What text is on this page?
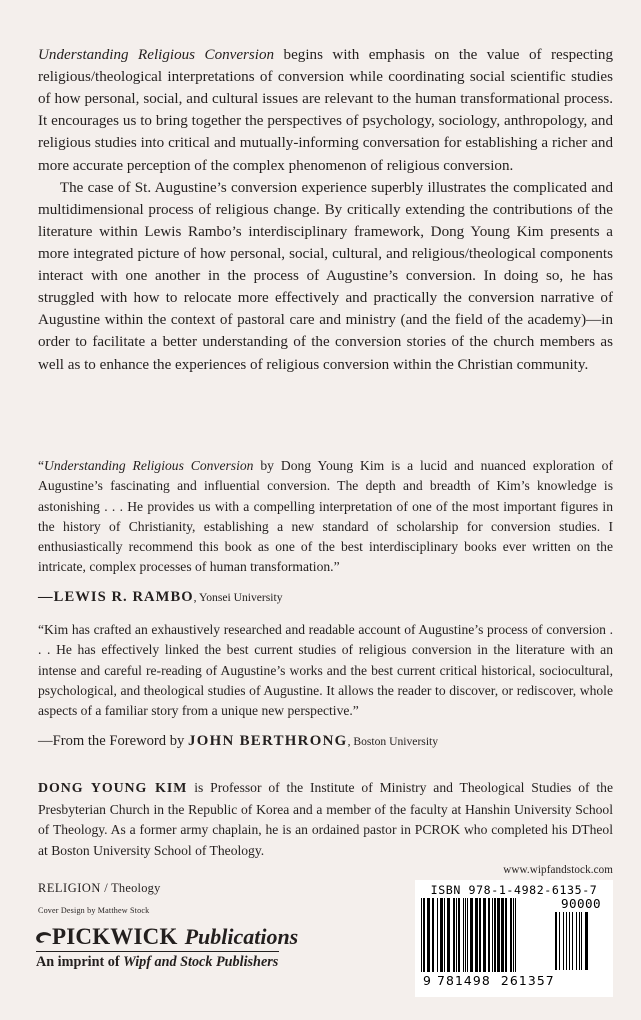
Understanding Religious Conversion begins with emphasis on the value of respecting religious/theological interpretations of conversion while coordinating social scientific studies of how personal, social, and cultural issues are relevant to the human transformational process. It encourages us to bring together the perspectives of psychology, sociology, anthropology, and religious studies into critical and mutually-informing conversation for establishing a richer and more accurate perception of the complex phenomenon of religious conversion.

The case of St. Augustine’s conversion experience superbly illustrates the complicated and multidimensional process of religious change. By critically extending the contributions of the literature within Lewis Rambo’s interdisciplinary framework, Dong Young Kim presents a more integrated picture of how personal, social, cultural, and religious/theological components interact with one another in the process of Augustine’s conversion. In doing so, he has struggled with how to relocate more effectively and practically the conversion narrative of Augustine within the context of pastoral care and ministry (and the field of the academy)—in order to facilitate a better understanding of the conversion stories of the church members as well as to enhance the experiences of religious conversion within the Christian community.

“Understanding Religious Conversion by Dong Young Kim is a lucid and nuanced exploration of Augustine’s fascinating and influential conversion. The depth and breadth of Kim’s knowledge is astonishing . . . He provides us with a compelling interpretation of one of the most important figures in the history of Christianity, establishing a new standard of scholarship for conversion studies. I enthusiastically recommend this book as one of the best interdisciplinary books ever written on the intricate, complex processes of human transformation.”

—LEWIS R. RAMBO, Yonsei University

“Kim has crafted an exhaustively researched and readable account of Augustine’s process of conversion . . . He has effectively linked the best current studies of religious conversion in the literature with an intense and careful re-reading of Augustine’s works and the best current critical historical, sociocultural, psychological, and theological studies of Augustine. It allows the reader to discover, or rediscover, whole aspects of a familiar story from a unique new perspective.”

—From the Foreword by JOHN BERTHRONG, Boston University
DONG YOUNG KIM is Professor of the Institute of Ministry and Theological Studies of the Presbyterian Church in the Republic of Korea and a member of the faculty at Hanshin University School of Theology. As a former army chaplain, he is an ordained pastor in PCROK who completed his DTheol at Boston University School of Theology.
RELIGION / Theology
Cover Design by Matthew Stock
PICKWICK Publications
An imprint of Wipf and Stock Publishers
www.wipfandstock.com
ISBN 978-1-4982-6135-7
90000
9 781498 261357
